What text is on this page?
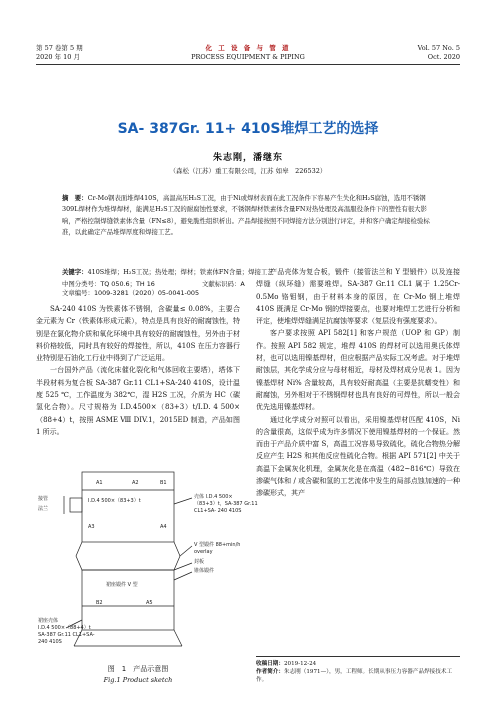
第 57 卷第 5 期
2020 年 10 月
化 工 设 备 与 管 道
PROCESS EQUIPMENT & PIPING
Vol. 57 No. 5
Oct. 2020
SA- 387Gr. 11+ 410S堆焊工艺的选择
朱志刚，潘继东
（森松（江苏）重工有限公司，江苏 如皋　226532）
摘　要：Cr-Mo钢表面堆焊410S，高温高压H₂S工况，由于Ni或焊材表面在此工况条件下容易产生失化和H₂S腐蚀，选用不锈钢309L焊材作为堆焊焊材，能满足H₂S工况的耐腐蚀性要求，不锈钢焊材铁素体含量FN对热处理及高温服役条件下的塑性有很大影响，严格控制焊缝铁素体含量（FN≤8），避免脆性组织析出。产品焊接按照不同焊接方法分别进行评定，并和客户确定焊接检验标准，以此确定产品堆焊厚度和焊接工艺。
关键字：410S堆焊；H₂S工况；热处理；焊材；铁素体FN含量；焊接工艺
中图分类号：TQ 050.6；TH 16	文献标识码：A文章编号：1009-3281（2020）05-0041-005

SA-240 410S 为铁素体不锈钢，含碳量≤ 0.08%，主要合金元素为 Cr（铁素体形成元素），特点是具有良好的耐腐蚀性，特别是在氯化物介质和氧化环境中具有较好的耐腐蚀性，另外由于材料价格较低，同时具有较好的焊接性，所以，410S 在压力容器行业特别是石油化工行业中得到了广泛运用。

一台国外产品（流化床催化裂化和气体回收主要塔），塔体下半段材料为复合板 SA-387 Gr.11 CL1+SA-240 410S，设计温度 525 ℃，工作温度为 382℃，湿 H2S 工况，介质为 HC（碳氢化合物）。尺寸规格为 I.D.4500×（83+3）t/I.D. 4 500×（88+4）t，按照 ASME Ⅷ DIV.1，2015ED 制造，产品如图 1 所示。

产品壳体为复合板，锻件（接管法兰和 Y 型锻件）以及连接焊缝（纵环缝）需要堆焊。SA-387 Gr.11 CL1 属于 1.25Cr-0.5Mo 铬钼钢，由于材料本身的原因，在 Cr-Mo 钢上堆焊 410S 既满足 Cr-Mo 钢的焊接要点，也要对堆焊工艺进行分析和评定，使堆焊焊缝满足抗腐蚀等要求（复层没有强度要求）。

客户要求按照 API 582[1] 和客户规范（UOP 和 GP）制作。按照 API 582 规定，堆焊 410S 的焊材可以选用奥氏体焊材，也可以选用镍基焊材，但应根据产品实际工况考虑。对于堆焊耐蚀层，其化学成分应与母材相近，母材及焊材成分见表 1。因为镍基焊材 Ni% 含量较高，具有较好耐高温（主要是抗蠕变性）和耐腐蚀，另外相对于不锈钢焊材也具有良好的可焊性，所以一般会优先选用镍基焊材。

通过化学成分对照可以看出，采用镍基焊材匹配 410S，Ni 的含量很高，这似乎成为许多情况下使用镍基焊材的一个保证。然而由于产品介质中富 S，高温工况容易导致硫化，硫化合物热分解反应产生 H2S 和其他反应性硫化合物。根据 API 571[2] 中关于高温下金属灰化机理，金属灰化是在高温（482~816℃）导致在渗碳气体和 / 或含碳和氢的工艺流体中发生的局部点蚀加速的一种渗碳形式，其产

接管
法兰
A1	A2	B1
I.D.4 500×（83+3）t
A3	A4
裙座锻件 V 型
B2	A5
壳体 I.D.4 500×
（83+3）t，SA-387 Gr.11
CL1+SA- 240 410S
V 型锻件 88+min/h
overlay
封板
锥体锻件
裙座壳体
I.D.4 500×（88+4）t
SA-387 Gr.11 CL1+SA-
240 410S
图　1　产品示意图
Fig.1 Product sketch
收稿日期：2019-12-24
作者简介：朱志刚（1971—），男，工程师。长期从事压力容器产品焊接技术工作。
